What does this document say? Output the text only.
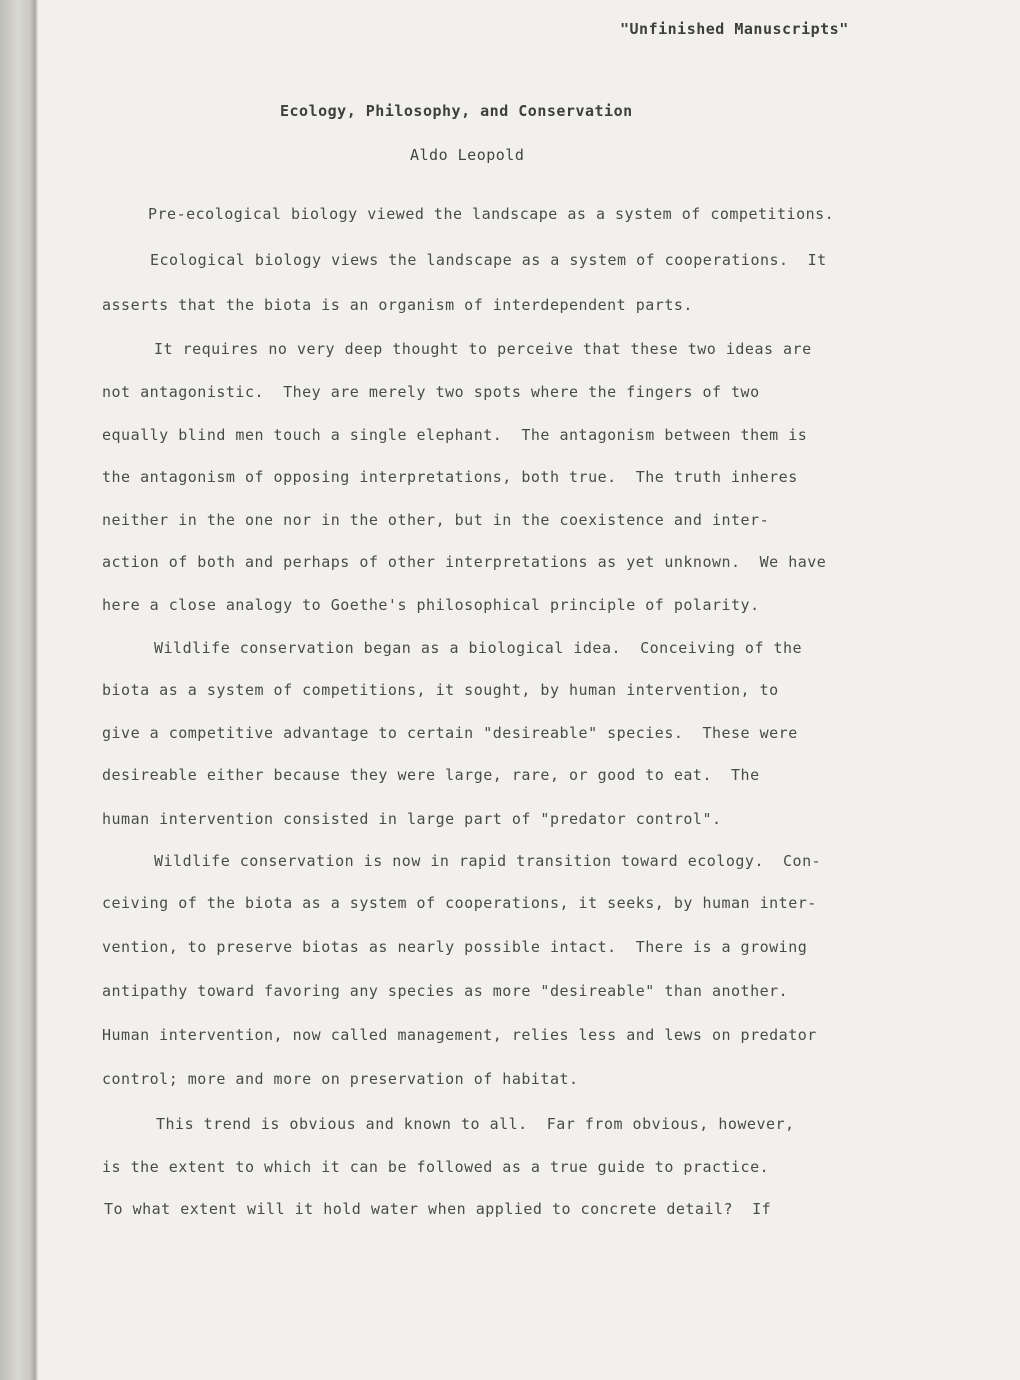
"Unfinished Manuscripts"
Ecology, Philosophy, and Conservation
Aldo Leopold
Pre-ecological biology viewed the landscape as a system of competitions.
Ecological biology views the landscape as a system of cooperations.  It
asserts that the biota is an organism of interdependent parts.
It requires no very deep thought to perceive that these two ideas are
not antagonistic.  They are merely two spots where the fingers of two
equally blind men touch a single elephant.  The antagonism between them is
the antagonism of opposing interpretations, both true.  The truth inheres
neither in the one nor in the other, but in the coexistence and inter-
action of both and perhaps of other interpretations as yet unknown.  We have
here a close analogy to Goethe's philosophical principle of polarity.
Wildlife conservation began as a biological idea.  Conceiving of the
biota as a system of competitions, it sought, by human intervention, to
give a competitive advantage to certain "desireable" species.  These were
desireable either because they were large, rare, or good to eat.  The
human intervention consisted in large part of "predator control".
Wildlife conservation is now in rapid transition toward ecology.  Con-
ceiving of the biota as a system of cooperations, it seeks, by human inter-
vention, to preserve biotas as nearly possible intact.  There is a growing
antipathy toward favoring any species as more "desireable" than another.
Human intervention, now called management, relies less and lews on predator
control; more and more on preservation of habitat.
This trend is obvious and known to all.  Far from obvious, however,
is the extent to which it can be followed as a true guide to practice.
To what extent will it hold water when applied to concrete detail?  If
